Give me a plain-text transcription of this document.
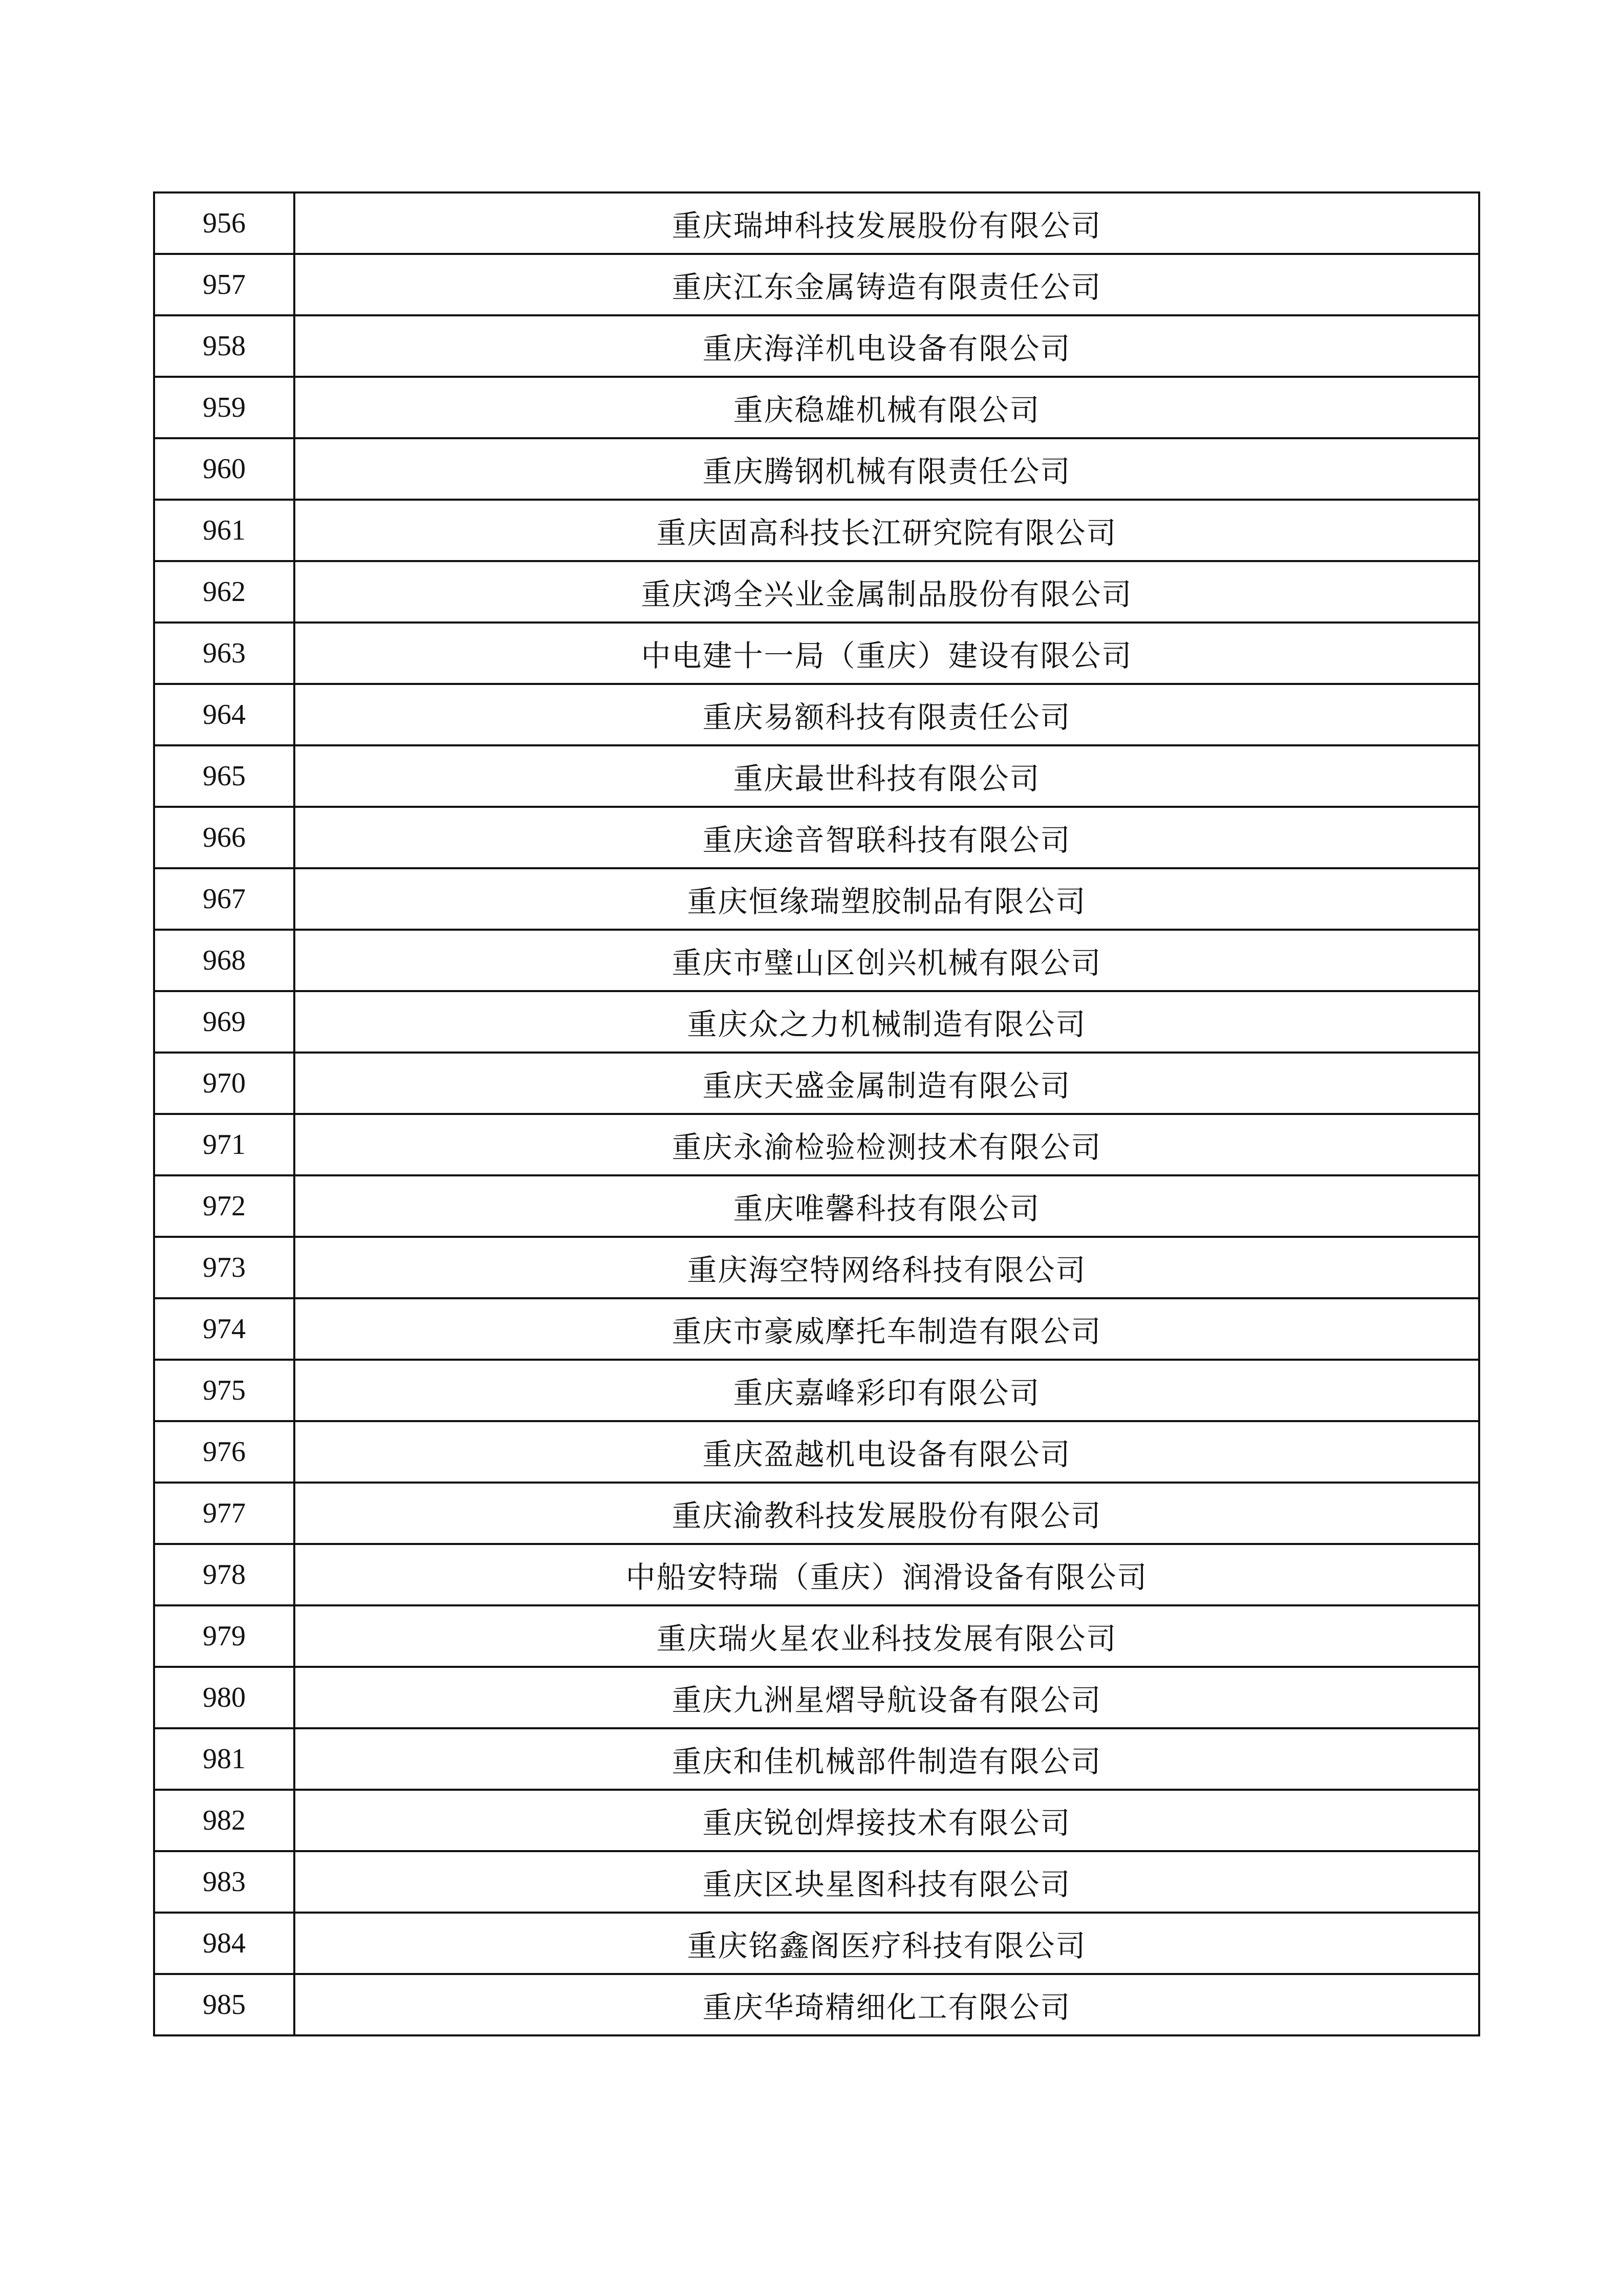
956	重庆瑞坤科技发展股份有限公司
957	重庆江东金属铸造有限责任公司
958	重庆海洋机电设备有限公司
959	重庆稳雄机械有限公司
960	重庆腾钢机械有限责任公司
961	重庆固高科技长江研究院有限公司
962	重庆鸿全兴业金属制品股份有限公司
963	中电建十一局（重庆）建设有限公司
964	重庆易额科技有限责任公司
965	重庆最世科技有限公司
966	重庆途音智联科技有限公司
967	重庆恒缘瑞塑胶制品有限公司
968	重庆市璧山区创兴机械有限公司
969	重庆众之力机械制造有限公司
970	重庆天盛金属制造有限公司
971	重庆永渝检验检测技术有限公司
972	重庆唯馨科技有限公司
973	重庆海空特网络科技有限公司
974	重庆市豪威摩托车制造有限公司
975	重庆嘉峰彩印有限公司
976	重庆盈越机电设备有限公司
977	重庆渝教科技发展股份有限公司
978	中船安特瑞（重庆）润滑设备有限公司
979	重庆瑞火星农业科技发展有限公司
980	重庆九洲星熠导航设备有限公司
981	重庆和佳机械部件制造有限公司
982	重庆锐创焊接技术有限公司
983	重庆区块星图科技有限公司
984	重庆铭鑫阁医疗科技有限公司
985	重庆华琦精细化工有限公司
